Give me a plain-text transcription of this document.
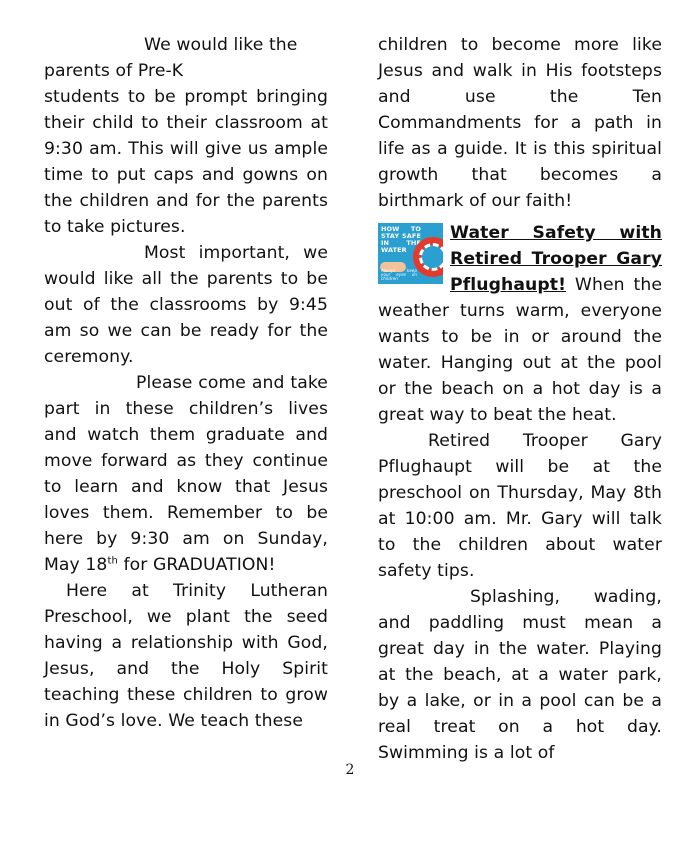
We would like the parents of Pre-K

students to be prompt bringing their child to their classroom at 9:30 am. This will give us ample time to put caps and gowns on the children and for the parents to take pictures.

Most important, we would like all the parents to be out of the classrooms by 9:45 am so we can be ready for the ceremony.

Please come and take part in these children’s lives and watch them graduate and move forward as they continue to learn and know that Jesus loves them. Remember to be here by 9:30 am on Sunday, May 18th for GRADUATION!

Here at Trinity Lutheran Preschool, we plant the seed having a relationship with God, Jesus, and the Holy Spirit teaching these children to grow in God’s love. We teach these

children to become more like Jesus and walk in His footsteps and use the Ten Commandments for a path in life as a guide. It is this spiritual growth that becomes a birthmark of our faith!

HOW TO STAY SAFE IN THE WATER
Always keep your eyes on children
Water Safety with Retired Trooper Gary Pflughaupt! When the weather turns warm, everyone wants to be in or around the water. Hanging out at the pool or the beach on a hot day is a great way to beat the heat.

Retired Trooper Gary Pflughaupt will be at the preschool on Thursday, May 8th at 10:00 am. Mr. Gary will talk to the children about water safety tips.

Splashing, wading, and paddling must mean a great day in the water. Playing at the beach, at a water park, by a lake, or in a pool can be a real treat on a hot day. Swimming is a lot of

2
